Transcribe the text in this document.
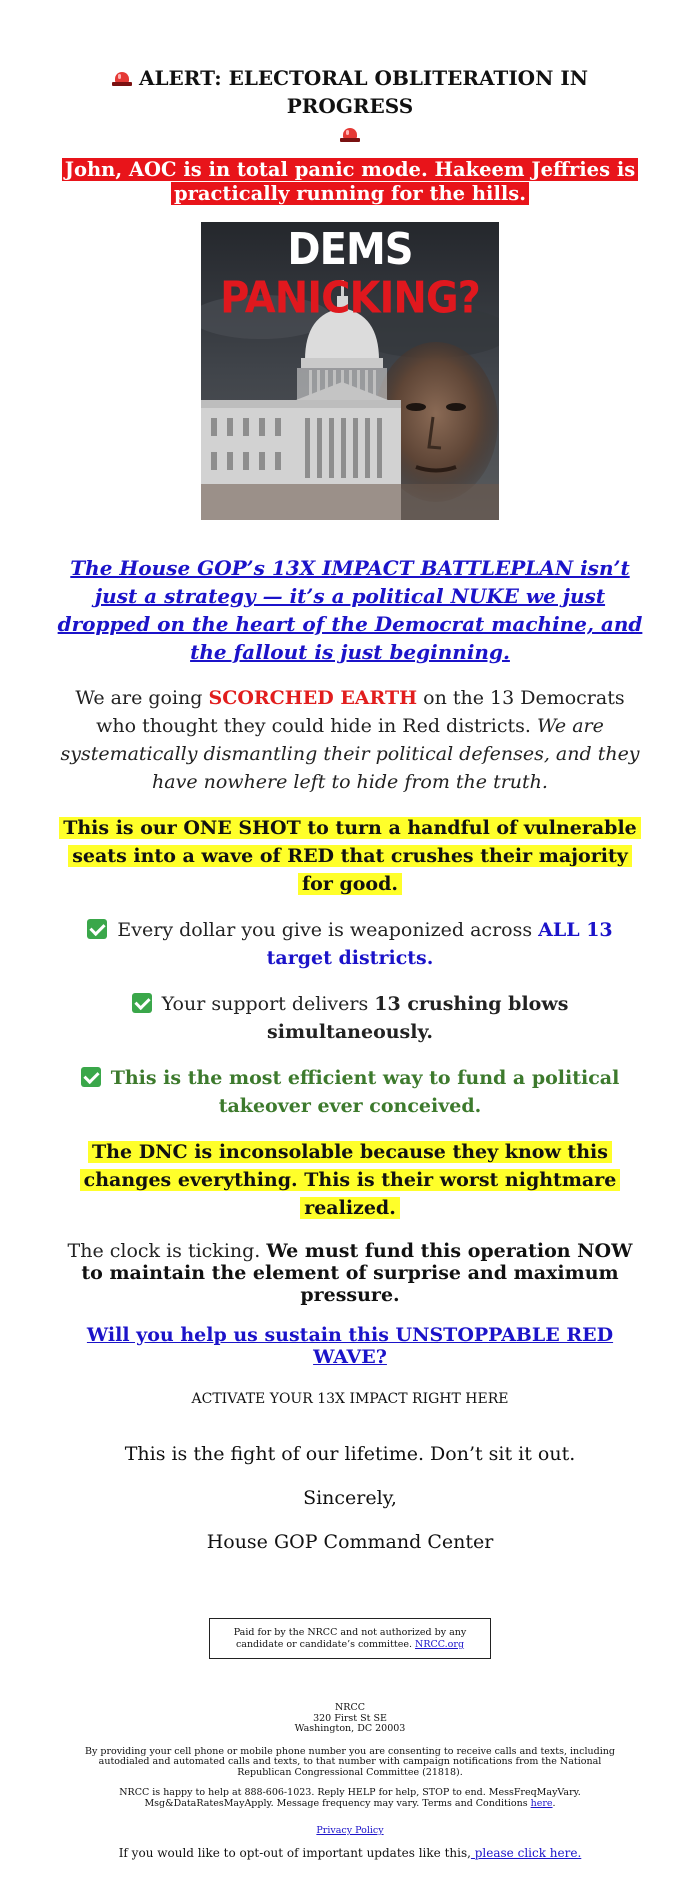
ALERT: ELECTORAL OBLITERATION IN PROGRESS

John, AOC is in total panic mode. Hakeem Jeffries is practically running for the hills.

DEMS PANICKING?

The House GOP’s 13X IMPACT BATTLEPLAN isn’t just a strategy — it’s a political NUKE we just dropped on the heart of the Democrat machine, and the fallout is just beginning.

We are going SCORCHED EARTH on the 13 Democrats who thought they could hide in Red districts. We are systematically dismantling their political defenses, and they have nowhere left to hide from the truth.

This is our ONE SHOT to turn a handful of vulnerable seats into a wave of RED that crushes their majority for good.

Every dollar you give is weaponized across ALL 13 target districts.

Your support delivers 13 crushing blows simultaneously.

This is the most efficient way to fund a political takeover ever conceived.

The DNC is inconsolable because they know this changes everything. This is their worst nightmare realized.

The clock is ticking. We must fund this operation NOW to maintain the element of surprise and maximum pressure.

Will you help us sustain this UNSTOPPABLE RED WAVE?

ACTIVATE YOUR 13X IMPACT RIGHT HERE

This is the fight of our lifetime. Don’t sit it out.

Sincerely,

House GOP Command Center

Paid for by the NRCC and not authorized by any candidate or candidate’s committee. NRCC.org
NRCC
320 First St SE
Washington, DC 20003
By providing your cell phone or mobile phone number you are consenting to receive calls and texts, including autodialed and automated calls and texts, to that number with campaign notifications from the National Republican Congressional Committee (21818).
NRCC is happy to help at 888-606-1023. Reply HELP for help, STOP to end. MessFreqMayVary. Msg&DataRatesMayApply. Message frequency may vary. Terms and Conditions here.
Privacy Policy
If you would like to opt-out of important updates like this, please click here.
